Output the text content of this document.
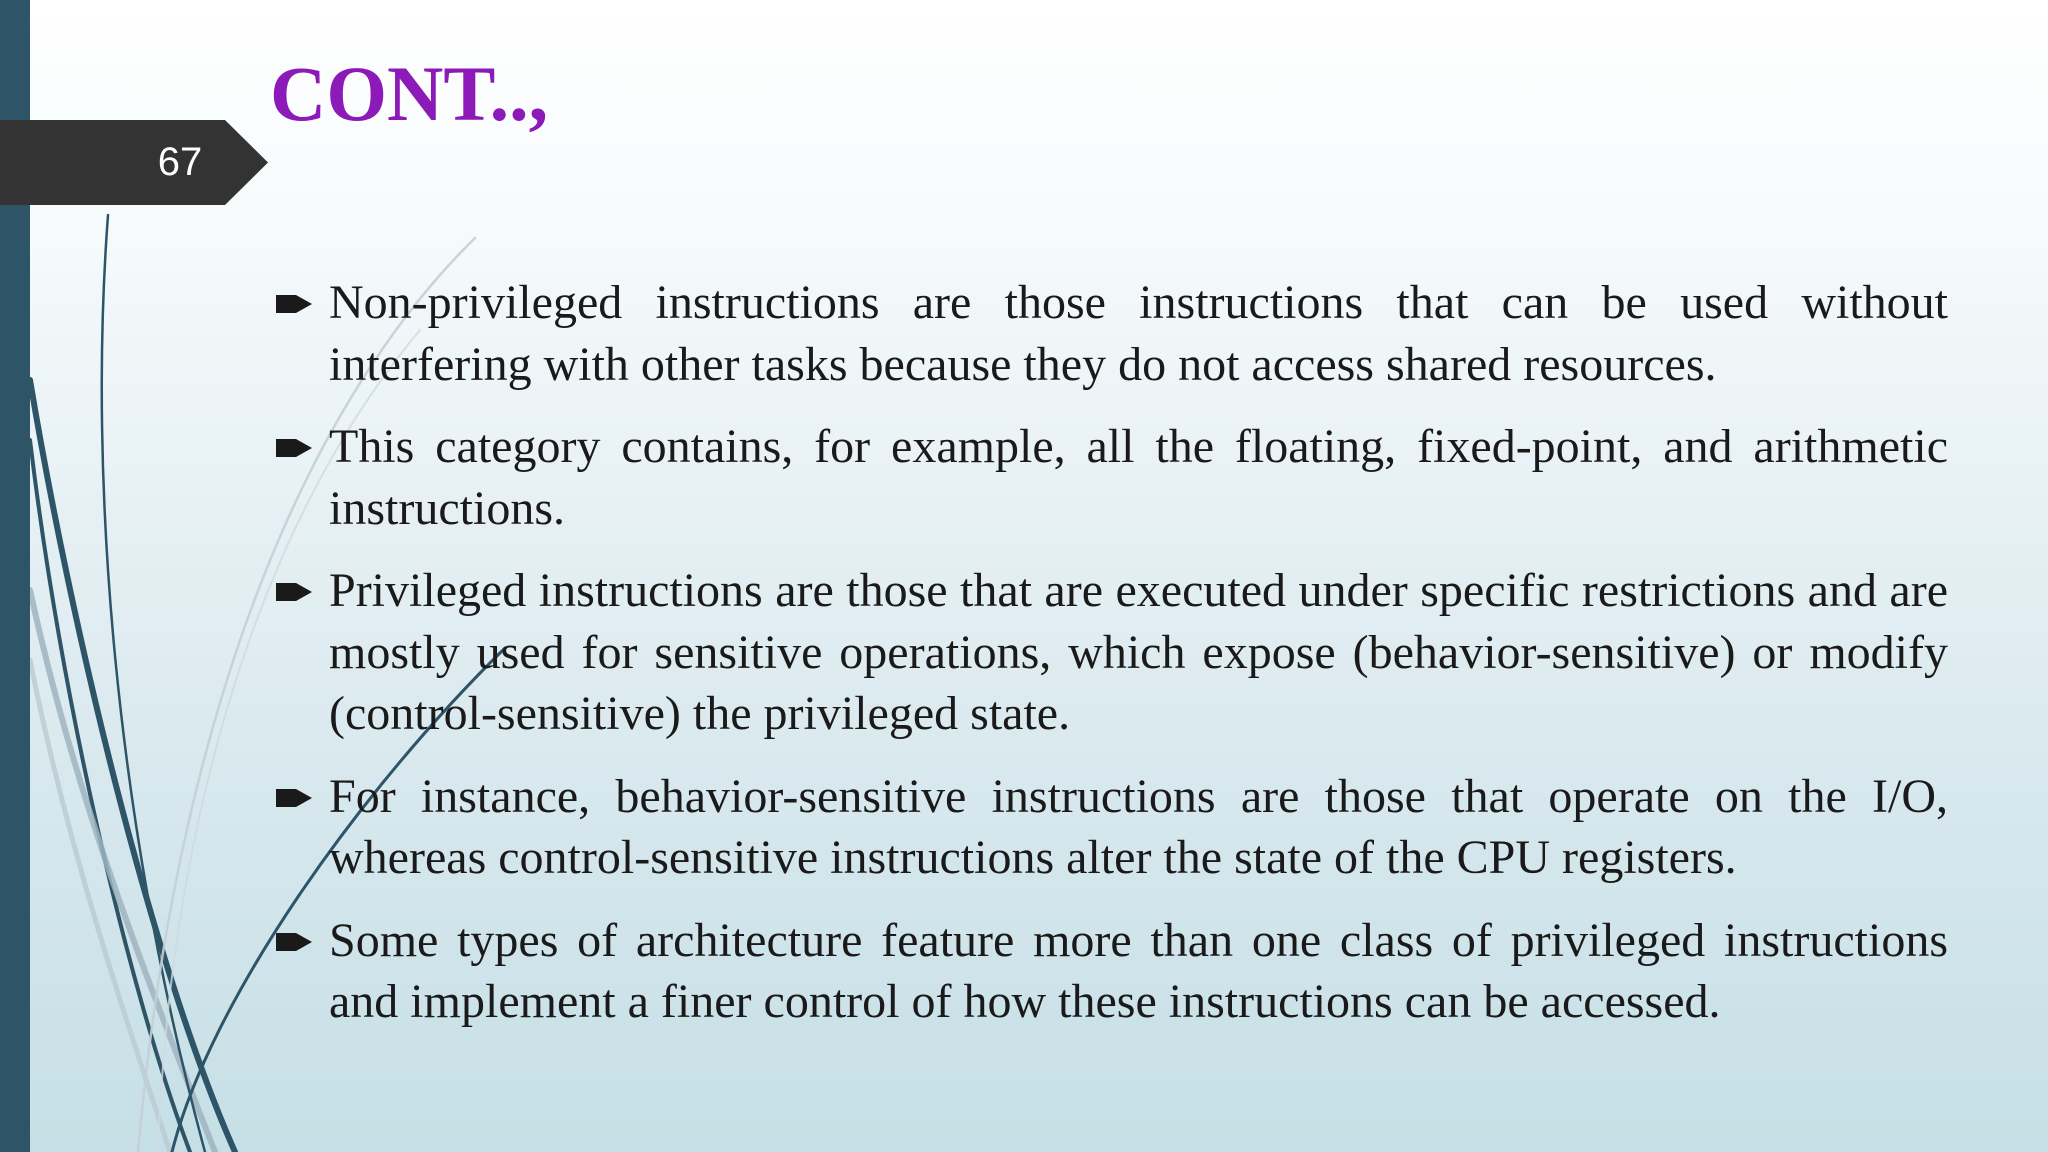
67
CONT..,
Non-privileged instructions are those instructions that can be used without interfering with other tasks because they do not access shared resources.
This category contains, for example, all the floating, fixed-point, and arithmetic instructions.
Privileged instructions are those that are executed under specific restrictions and are mostly used for sensitive operations, which expose (behavior-sensitive) or modify (control-sensitive) the privileged state.
For instance, behavior-sensitive instructions are those that operate on the I/O, whereas control-sensitive instructions alter the state of the CPU registers.
Some types of architecture feature more than one class of privileged instructions and implement a finer control of how these instructions can be accessed.
